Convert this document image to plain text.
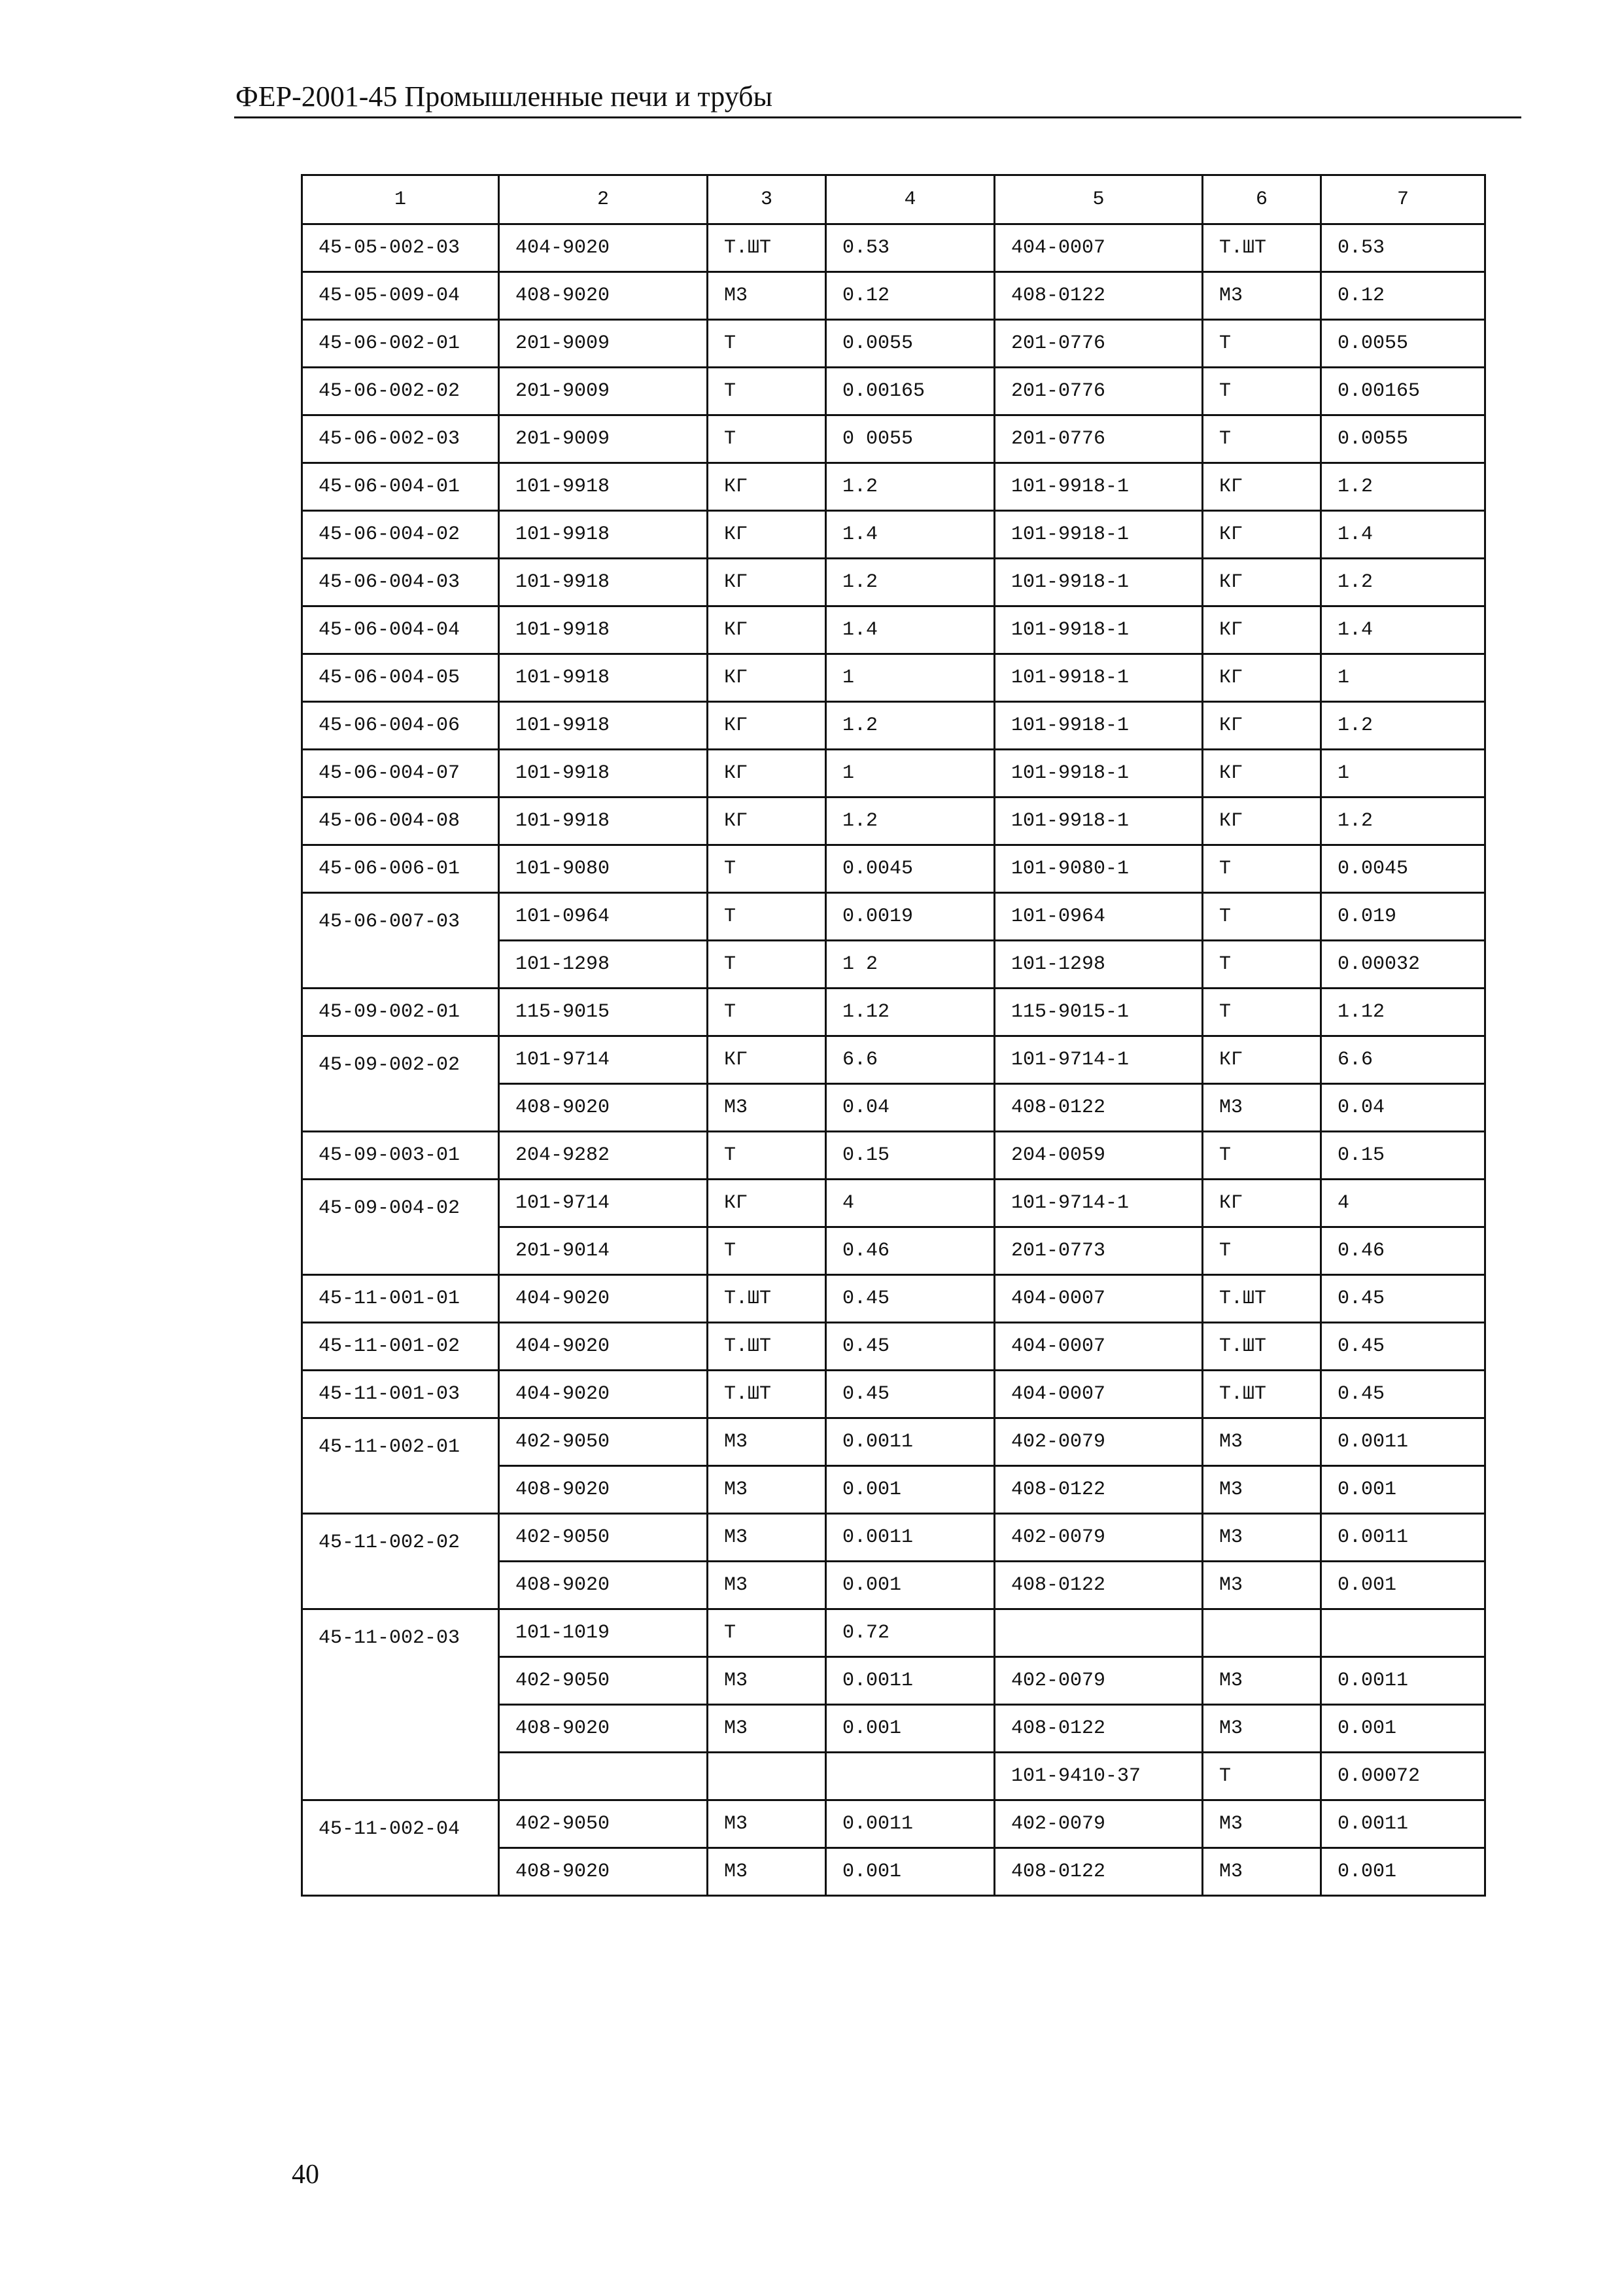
ФЕР-2001-45 Промышленные печи и трубы
1	2	3	4	5	6	7
45-05-002-03	404-9020	Т.ШТ	0.53	404-0007	Т.ШТ	0.53
45-05-009-04	408-9020	М3	0.12	408-0122	М3	0.12
45-06-002-01	201-9009	Т	0.0055	201-0776	Т	0.0055
45-06-002-02	201-9009	Т	0.00165	201-0776	Т	0.00165
45-06-002-03	201-9009	Т	0 0055	201-0776	Т	0.0055
45-06-004-01	101-9918	КГ	1.2	101-9918-1	КГ	1.2
45-06-004-02	101-9918	КГ	1.4	101-9918-1	КГ	1.4
45-06-004-03	101-9918	КГ	1.2	101-9918-1	КГ	1.2
45-06-004-04	101-9918	КГ	1.4	101-9918-1	КГ	1.4
45-06-004-05	101-9918	КГ	1	101-9918-1	КГ	1
45-06-004-06	101-9918	КГ	1.2	101-9918-1	КГ	1.2
45-06-004-07	101-9918	КГ	1	101-9918-1	КГ	1
45-06-004-08	101-9918	КГ	1.2	101-9918-1	КГ	1.2
45-06-006-01	101-9080	Т	0.0045	101-9080-1	Т	0.0045
45-06-007-03	101-0964	Т	0.0019	101-0964	Т	0.019
	101-1298	Т	1 2	101-1298	Т	0.00032
45-09-002-01	115-9015	Т	1.12	115-9015-1	Т	1.12
45-09-002-02	101-9714	КГ	6.6	101-9714-1	КГ	6.6
	408-9020	М3	0.04	408-0122	М3	0.04
45-09-003-01	204-9282	Т	0.15	204-0059	Т	0.15
45-09-004-02	101-9714	КГ	4	101-9714-1	КГ	4
	201-9014	Т	0.46	201-0773	Т	0.46
45-11-001-01	404-9020	Т.ШТ	0.45	404-0007	Т.ШТ	0.45
45-11-001-02	404-9020	Т.ШТ	0.45	404-0007	Т.ШТ	0.45
45-11-001-03	404-9020	Т.ШТ	0.45	404-0007	Т.ШТ	0.45
45-11-002-01	402-9050	М3	0.0011	402-0079	М3	0.0011
	408-9020	М3	0.001	408-0122	М3	0.001
45-11-002-02	402-9050	М3	0.0011	402-0079	М3	0.0011
	408-9020	М3	0.001	408-0122	М3	0.001
45-11-002-03	101-1019	Т	0.72			
	402-9050	М3	0.0011	402-0079	М3	0.0011
	408-9020	М3	0.001	408-0122	М3	0.001
				101-9410-37	Т	0.00072
45-11-002-04	402-9050	М3	0.0011	402-0079	М3	0.0011
	408-9020	М3	0.001	408-0122	М3	0.001
40
